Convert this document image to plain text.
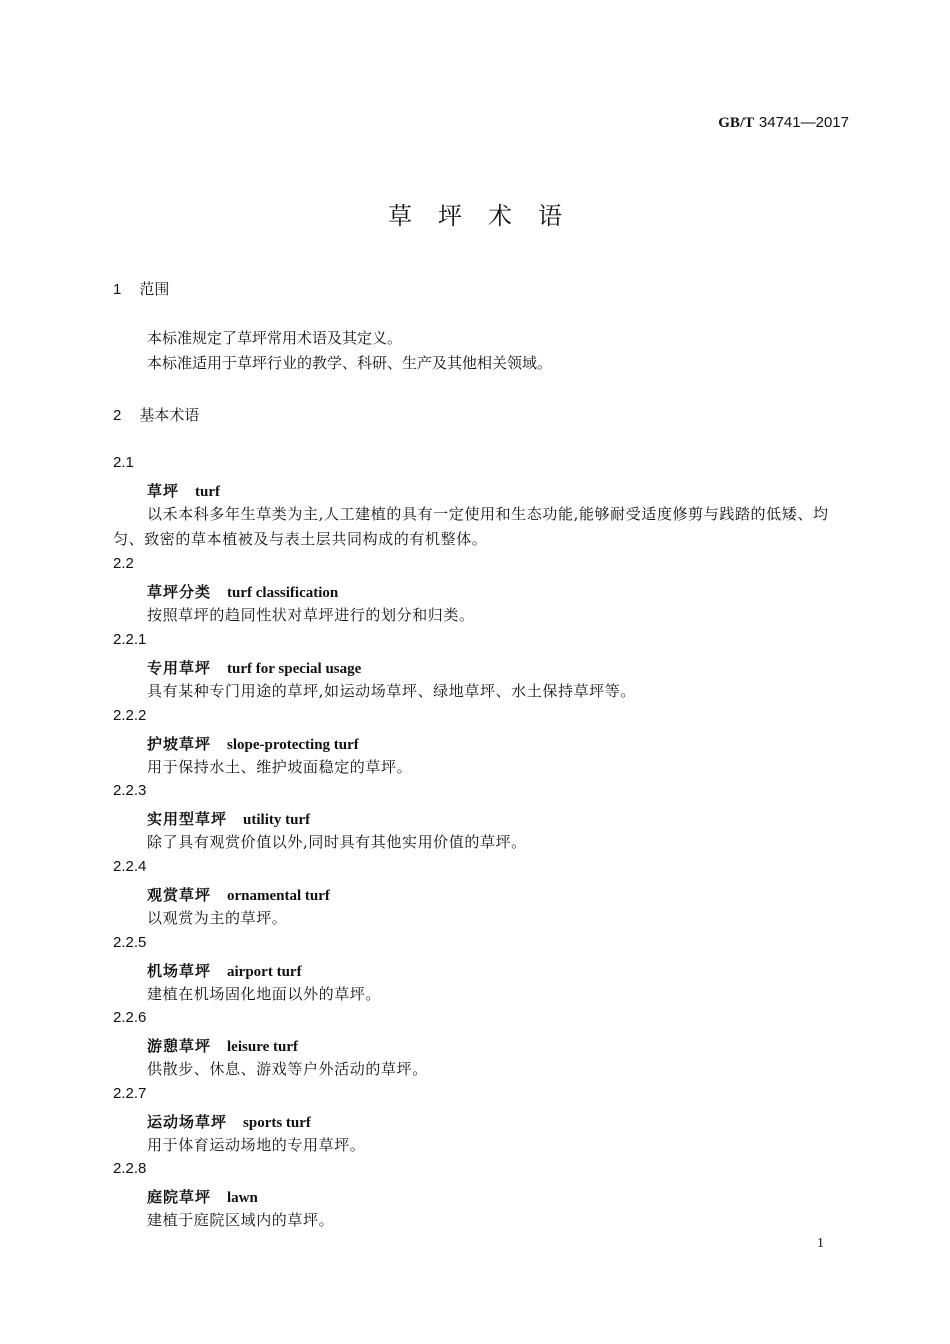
GB/T 34741—2017
草坪术语
1 范围
本标准规定了草坪常用术语及其定义。
本标准适用于草坪行业的教学、科研、生产及其他相关领域。
2 基本术语
2.1
草坪 turf
以禾本科多年生草类为主,人工建植的具有一定使用和生态功能,能够耐受适度修剪与践踏的低矮、均匀、致密的草本植被及与表土层共同构成的有机整体。
2.2
草坪分类 turf classification
按照草坪的趋同性状对草坪进行的划分和归类。
2.2.1
专用草坪 turf for special usage
具有某种专门用途的草坪,如运动场草坪、绿地草坪、水土保持草坪等。
2.2.2
护坡草坪 slope-protecting turf
用于保持水土、维护坡面稳定的草坪。
2.2.3
实用型草坪 utility turf
除了具有观赏价值以外,同时具有其他实用价值的草坪。
2.2.4
观赏草坪 ornamental turf
以观赏为主的草坪。
2.2.5
机场草坪 airport turf
建植在机场固化地面以外的草坪。
2.2.6
游憩草坪 leisure turf
供散步、休息、游戏等户外活动的草坪。
2.2.7
运动场草坪 sports turf
用于体育运动场地的专用草坪。
2.2.8
庭院草坪 lawn
建植于庭院区域内的草坪。
1
